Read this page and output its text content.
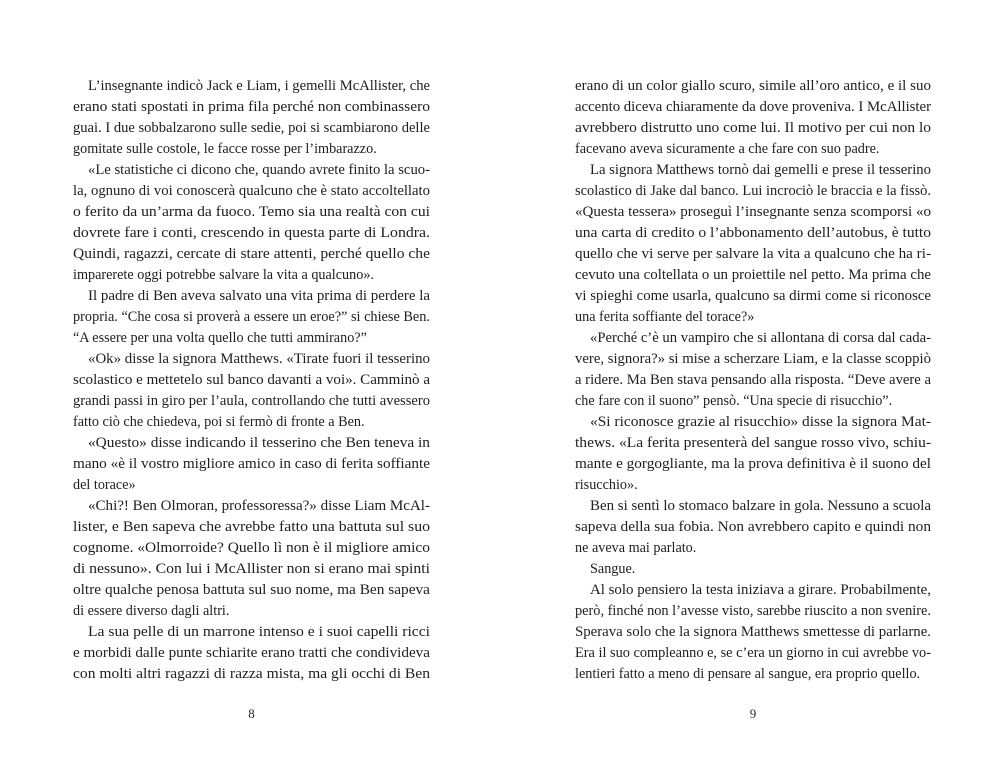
L’insegnante indicò Jack e Liam, i gemelli McAllister, che
erano stati spostati in prima fila perché non combinassero
guai. I due sobbalzarono sulle sedie, poi si scambiarono delle
gomitate sulle costole, le facce rosse per l’imbarazzo.
«Le statistiche ci dicono che, quando avrete finito la scuo-
la, ognuno di voi conoscerà qualcuno che è stato accoltellato
o ferito da un’arma da fuoco. Temo sia una realtà con cui
dovrete fare i conti, crescendo in questa parte di Londra.
Quindi, ragazzi, cercate di stare attenti, perché quello che
imparerete oggi potrebbe salvare la vita a qualcuno».
Il padre di Ben aveva salvato una vita prima di perdere la
propria. “Che cosa si proverà a essere un eroe?” si chiese Ben.
“A essere per una volta quello che tutti ammirano?”
«Ok» disse la signora Matthews. «Tirate fuori il tesserino
scolastico e mettetelo sul banco davanti a voi». Camminò a
grandi passi in giro per l’aula, controllando che tutti avessero
fatto ciò che chiedeva, poi si fermò di fronte a Ben.
«Questo» disse indicando il tesserino che Ben teneva in
mano «è il vostro migliore amico in caso di ferita soffiante
del torace»
«Chi?! Ben Olmoran, professoressa?» disse Liam McAl-
lister, e Ben sapeva che avrebbe fatto una battuta sul suo
cognome. «Olmorroide? Quello lì non è il migliore amico
di nessuno». Con lui i McAllister non si erano mai spinti
oltre qualche penosa battuta sul suo nome, ma Ben sapeva
di essere diverso dagli altri.
La sua pelle di un marrone intenso e i suoi capelli ricci
e morbidi dalle punte schiarite erano tratti che condivideva
con molti altri ragazzi di razza mista, ma gli occhi di Ben
erano di un color giallo scuro, simile all’oro antico, e il suo
accento diceva chiaramente da dove proveniva. I McAllister
avrebbero distrutto uno come lui. Il motivo per cui non lo
facevano aveva sicuramente a che fare con suo padre.
La signora Matthews tornò dai gemelli e prese il tesserino
scolastico di Jake dal banco. Lui incrociò le braccia e la fissò.
«Questa tessera» proseguì l’insegnante senza scomporsi «o
una carta di credito o l’abbonamento dell’autobus, è tutto
quello che vi serve per salvare la vita a qualcuno che ha ri-
cevuto una coltellata o un proiettile nel petto. Ma prima che
vi spieghi come usarla, qualcuno sa dirmi come si riconosce
una ferita soffiante del torace?»
«Perché c’è un vampiro che si allontana di corsa dal cada-
vere, signora?» si mise a scherzare Liam, e la classe scoppiò
a ridere. Ma Ben stava pensando alla risposta. “Deve avere a
che fare con il suono” pensò. “Una specie di risucchio”.
«Si riconosce grazie al risucchio» disse la signora Mat-
thews. «La ferita presenterà del sangue rosso vivo, schiu-
mante e gorgogliante, ma la prova definitiva è il suono del
risucchio».
Ben si sentì lo stomaco balzare in gola. Nessuno a scuola
sapeva della sua fobia. Non avrebbero capito e quindi non
ne aveva mai parlato.
Sangue.
Al solo pensiero la testa iniziava a girare. Probabilmente,
però, finché non l’avesse visto, sarebbe riuscito a non svenire.
Sperava solo che la signora Matthews smettesse di parlarne.
Era il suo compleanno e, se c’era un giorno in cui avrebbe vo-
lentieri fatto a meno di pensare al sangue, era proprio quello.
8	9
